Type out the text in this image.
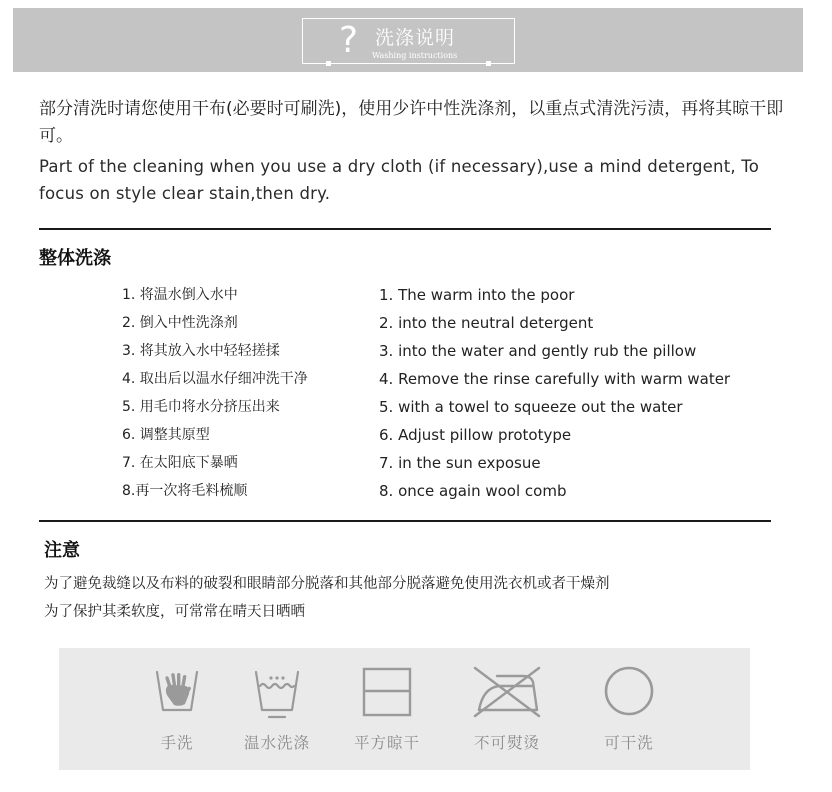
? 洗涤说明
Washing instructions
部分清洗时请您使用干布(必要时可刷洗)，使用少许中性洗涤剂，以重点式清洗污渍，再将其晾干即可。
Part of the cleaning when you use a dry cloth (if necessary),use a mind detergent, To focus on style clear stain,then dry.
整体洗涤
1. 将温水倒入水中
2. 倒入中性洗涤剂
3. 将其放入水中轻轻搓揉
4. 取出后以温水仔细冲洗干净
5. 用毛巾将水分挤压出来
6. 调整其原型
7. 在太阳底下暴晒
8.再一次将毛料梳顺
1. The warm into the poor
2. into the neutral detergent
3. into the water and gently rub the pillow
4. Remove the rinse carefully with warm water
5. with a towel to squeeze out the water
6. Adjust pillow prototype
7. in the sun exposue
8. once again wool comb
注意
为了避免裁缝以及布料的破裂和眼睛部分脱落和其他部分脱落避免使用洗衣机或者干燥剂
为了保护其柔软度，可常常在晴天日晒晒
手洗	温水洗涤	平方晾干	不可熨烫	可干洗
